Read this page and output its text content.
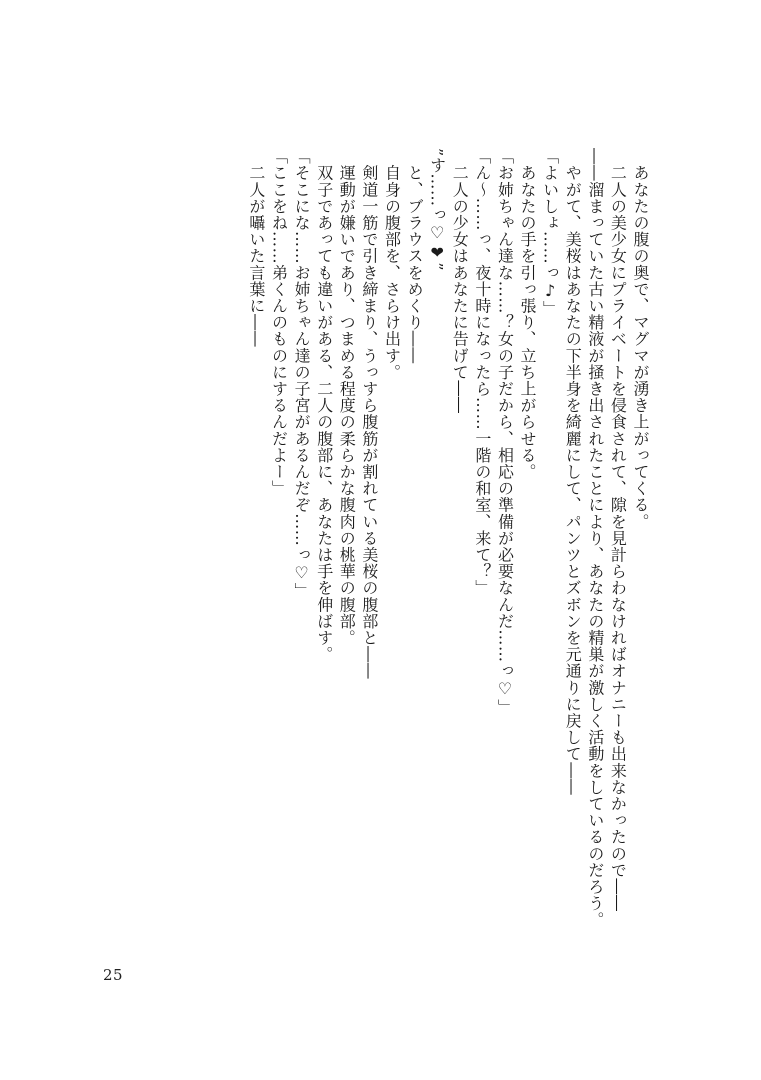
　あなたの腹の奥で、マグマが湧き上がってくる。
　二人の美少女にプライベートを侵食されて、隙を見計らわなければオナニーも出来なかったので――
――溜まっていた古い精液が掻き出されたことにより、あなたの精巣が激しく活動をしているのだろう。
　やがて、美桜はあなたの下半身を綺麗にして、パンツとズボンを元通りに戻して――
「よいしょ……っ♪」
　あなたの手を引っ張り、立ち上がらせる。
「お姉ちゃん達な……？女の子だから、相応の準備が必要なんだ……っ♡」
「ん〜……っ、夜十時になったら……一階の和室、来て？」
　二人の少女はあなたに告げて――
”す……っ♡❤”
　と、ブラウスをめくり――
　自身の腹部を、さらけ出す。
　剣道一筋で引き締まり、うっすら腹筋が割れている美桜の腹部と――
　運動が嫌いであり、つまめる程度の柔らかな腹肉の桃華の腹部。
　双子であっても違いがある、二人の腹部に、あなたは手を伸ばす。
「そこにな……お姉ちゃん達の子宮があるんだぞ……っ♡」
「ここをね……弟くんのものにするんだよー」
　二人が囁いた言葉に――
25
